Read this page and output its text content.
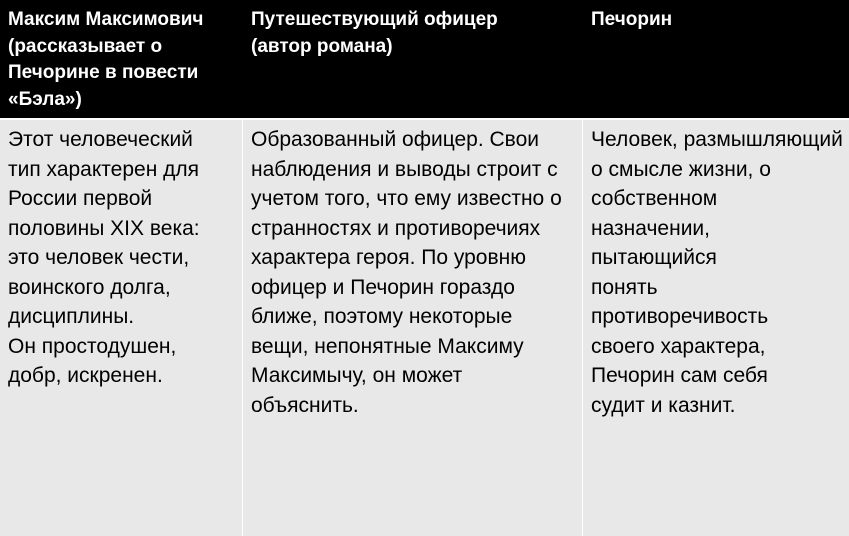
Максим Максимович
(рассказывает о
Печорине в повести
«Бэла»)
Путешествующий офицер
(автор романа)
Печорин
Этот человеческий
тип характерен для
России первой
половины XIX века:
это человек чести,
воинского долга,
дисциплины.
Он простодушен,
добр, искренен.
Образованный офицер. Свои
наблюдения и выводы строит с
учетом того, что ему известно о
странностях и противоречиях
характера героя. По уровню
офицер и Печорин гораздо
ближе, поэтому некоторые
вещи, непонятные Максиму
Максимычу, он может
объяснить.
Человек, размышляющий
о смысле жизни, о
собственном
назначении,
пытающийся
понять
противоречивость
своего характера,
Печорин сам себя
судит и казнит.
